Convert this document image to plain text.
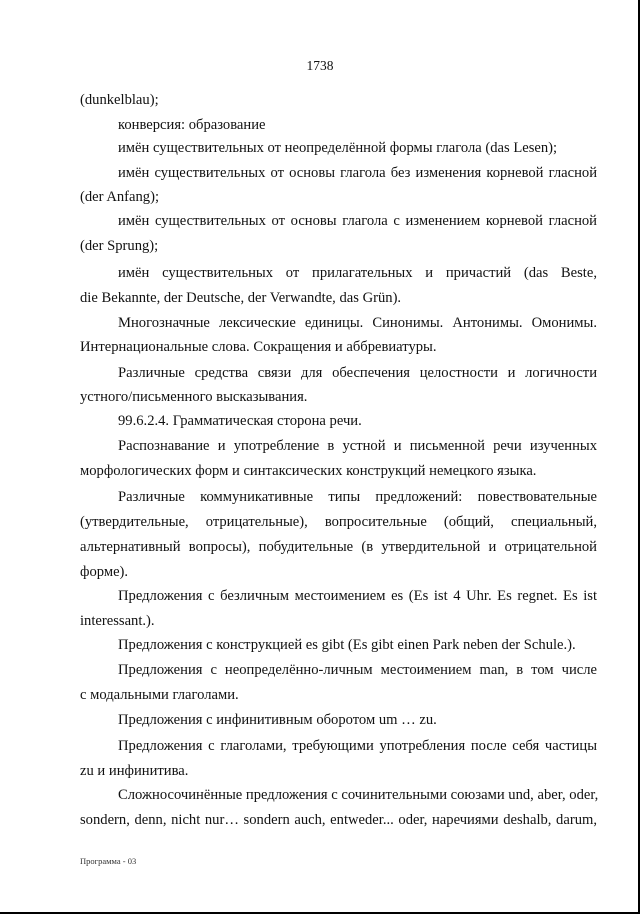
1738
(dunkelblau);
конверсия: образование
имён существительных от неопределённой формы глагола (das Lesen);
имён существительных от основы глагола без изменения корневой гласной
(der Anfang);
имён существительных от основы глагола с изменением корневой гласной
(der Sprung);
имён существительных от прилагательных и причастий (das Beste,
die Bekannte, der Deutsche, der Verwandte, das Grün).
Многозначные лексические единицы. Синонимы. Антонимы. Омонимы.
Интернациональные слова. Сокращения и аббревиатуры.
Различные средства связи для обеспечения целостности и логичности
устного/письменного высказывания.
99.6.2.4. Грамматическая сторона речи.
Распознавание и употребление в устной и письменной речи изученных
морфологических форм и синтаксических конструкций немецкого языка.
Различные коммуникативные типы предложений: повествовательные
(утвердительные, отрицательные), вопросительные (общий, специальный,
альтернативный вопросы), побудительные (в утвердительной и отрицательной
форме).
Предложения с безличным местоимением es (Es ist 4 Uhr. Es regnet. Es ist
interessant.).
Предложения с конструкцией es gibt (Es gibt einen Park neben der Schule.).
Предложения с неопределённо-личным местоимением man, в том числе
с модальными глаголами.
Предложения с инфинитивным оборотом um … zu.
Предложения с глаголами, требующими употребления после себя частицы
zu и инфинитива.
Сложносочинённые предложения с сочинительными союзами und, aber, oder,
sondern, denn, nicht nur… sondern auch, entweder... oder, наречиями deshalb, darum,
Программа - 03
